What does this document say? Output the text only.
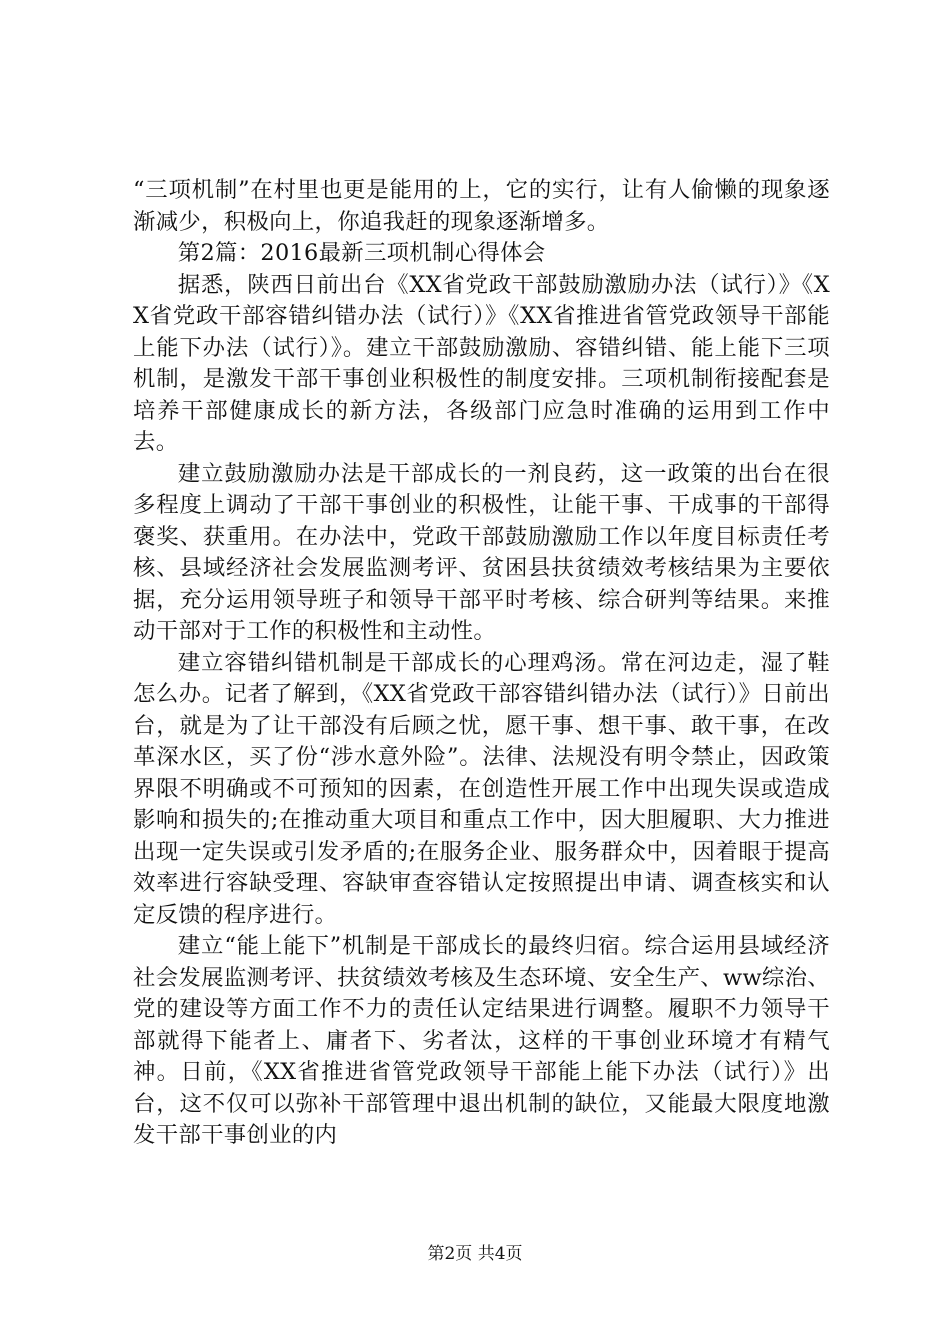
“三项机制”在村里也更是能用的上，它的实行，让有人偷懒的现象逐渐减少，积极向上，你追我赶的现象逐渐增多。

第2篇：2016最新三项机制心得体会

据悉，陕西日前出台《XX省党政干部鼓励激励办法（试行）》《XX省党政干部容错纠错办法（试行）》《XX省推进省管党政领导干部能上能下办法（试行）》。建立干部鼓励激励、容错纠错、能上能下三项机制，是激发干部干事创业积极性的制度安排。三项机制衔接配套是培养干部健康成长的新方法，各级部门应急时准确的运用到工作中去。

建立鼓励激励办法是干部成长的一剂良药，这一政策的出台在很多程度上调动了干部干事创业的积极性，让能干事、干成事的干部得褒奖、获重用。在办法中，党政干部鼓励激励工作以年度目标责任考核、县域经济社会发展监测考评、贫困县扶贫绩效考核结果为主要依据，充分运用领导班子和领导干部平时考核、综合研判等结果。来推动干部对于工作的积极性和主动性。

建立容错纠错机制是干部成长的心理鸡汤。常在河边走，湿了鞋怎么办。记者了解到，《XX省党政干部容错纠错办法（试行）》日前出台，就是为了让干部没有后顾之忧，愿干事、想干事、敢干事，在改革深水区，买了份“涉水意外险”。法律、法规没有明令禁止，因政策界限不明确或不可预知的因素，在创造性开展工作中出现失误或造成影响和损失的;在推动重大项目和重点工作中，因大胆履职、大力推进出现一定失误或引发矛盾的;在服务企业、服务群众中，因着眼于提高效率进行容缺受理、容缺审查容错认定按照提出申请、调查核实和认定反馈的程序进行。

建立“能上能下”机制是干部成长的最终归宿。综合运用县域经济社会发展监测考评、扶贫绩效考核及生态环境、安全生产、ww综治、党的建设等方面工作不力的责任认定结果进行调整。履职不力领导干部就得下能者上、庸者下、劣者汰，这样的干事创业环境才有精气神。日前，《XX省推进省管党政领导干部能上能下办法（试行）》出台，这不仅可以弥补干部管理中退出机制的缺位，又能最大限度地激发干部干事创业的内

第2页 共4页
